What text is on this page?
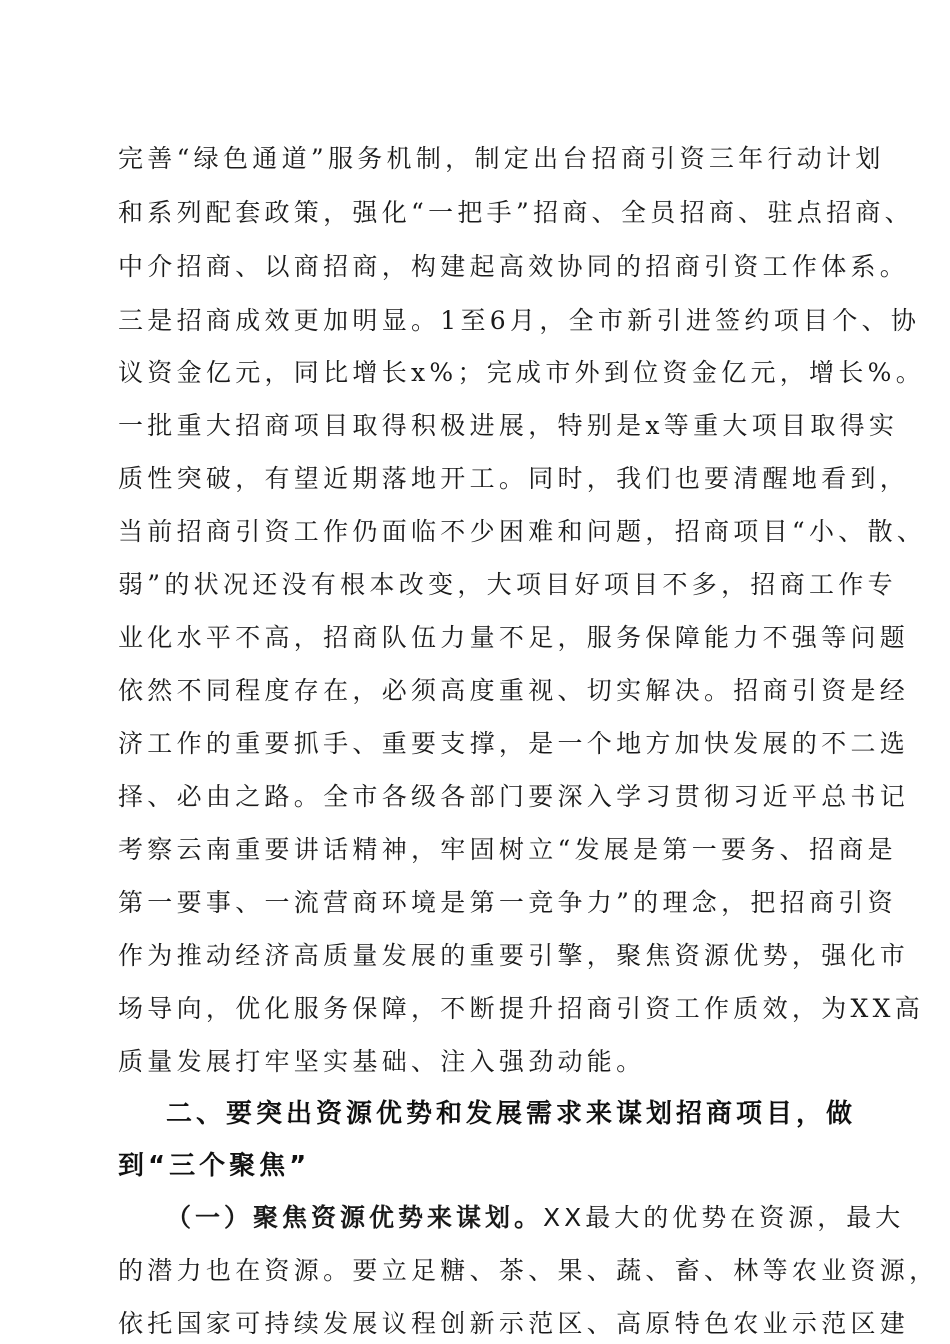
完善“绿色通道”服务机制，制定出台招商引资三年行动计划
和系列配套政策，强化“一把手”招商、全员招商、驻点招商、
中介招商、以商招商，构建起高效协同的招商引资工作体系。
三是招商成效更加明显。1至6月，全市新引进签约项目个、协
议资金亿元，同比增长x%；完成市外到位资金亿元，增长%。
一批重大招商项目取得积极进展，特别是x等重大项目取得实
质性突破，有望近期落地开工。同时，我们也要清醒地看到，
当前招商引资工作仍面临不少困难和问题，招商项目“小、散、
弱”的状况还没有根本改变，大项目好项目不多，招商工作专
业化水平不高，招商队伍力量不足，服务保障能力不强等问题
依然不同程度存在，必须高度重视、切实解决。招商引资是经
济工作的重要抓手、重要支撑，是一个地方加快发展的不二选
择、必由之路。全市各级各部门要深入学习贯彻习近平总书记
考察云南重要讲话精神，牢固树立“发展是第一要务、招商是
第一要事、一流营商环境是第一竞争力”的理念，把招商引资
作为推动经济高质量发展的重要引擎，聚焦资源优势，强化市
场导向，优化服务保障，不断提升招商引资工作质效，为XX高
质量发展打牢坚实基础、注入强劲动能。
二、要突出资源优势和发展需求来谋划招商项目，做
到“三个聚焦”
（一）聚焦资源优势来谋划。XX最大的优势在资源，最大
的潜力也在资源。要立足糖、茶、果、蔬、畜、林等农业资源，
依托国家可持续发展议程创新示范区、高原特色农业示范区建
